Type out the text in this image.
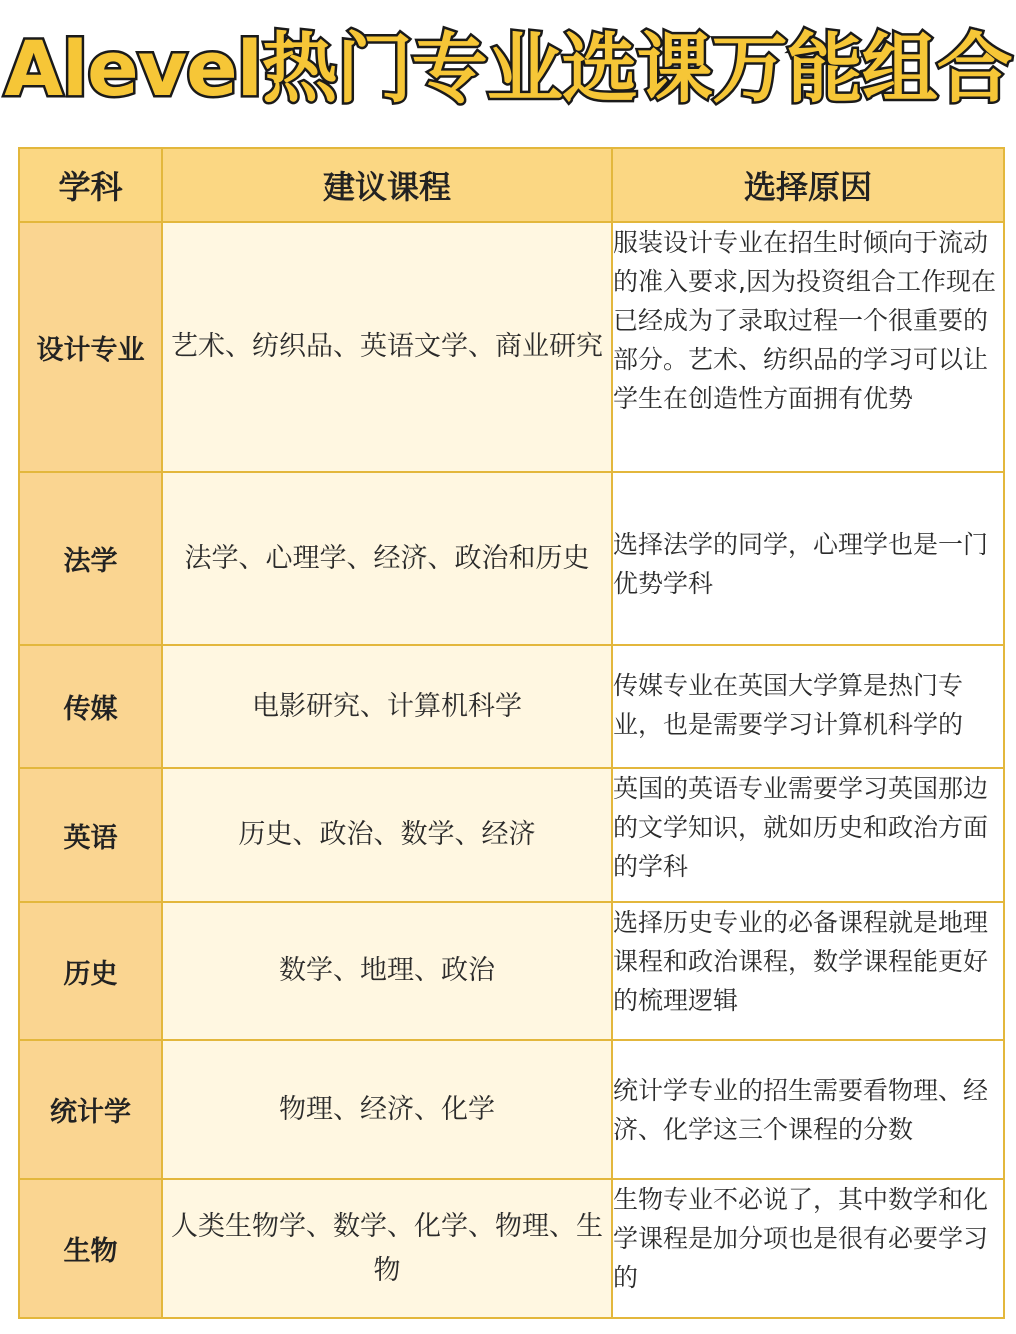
Alevel热门专业选课万能组合
学科	建议课程	选择原因
设计专业	艺术、纺织品、英语文学、商业研究	服装设计专业在招生时倾向于流动的准入要求,因为投资组合工作现在已经成为了录取过程一个很重要的部分。艺术、纺织品的学习可以让学生在创造性方面拥有优势

法学	法学、心理学、经济、政治和历史	选择法学的同学，心理学也是一门优势学科

传媒	电影研究、计算机科学	传媒专业在英国大学算是热门专业，也是需要学习计算机科学的

英语	历史、政治、数学、经济	英国的英语专业需要学习英国那边的文学知识，就如历史和政治方面的学科

历史	数学、地理、政治	选择历史专业的必备课程就是地理课程和政治课程，数学课程能更好的梳理逻辑

统计学	物理、经济、化学	统计学专业的招生需要看物理、经济、化学这三个课程的分数

生物	人类生物学、数学、化学、物理、生物	生物专业不必说了，其中数学和化学课程是加分项也是很有必要学习的
